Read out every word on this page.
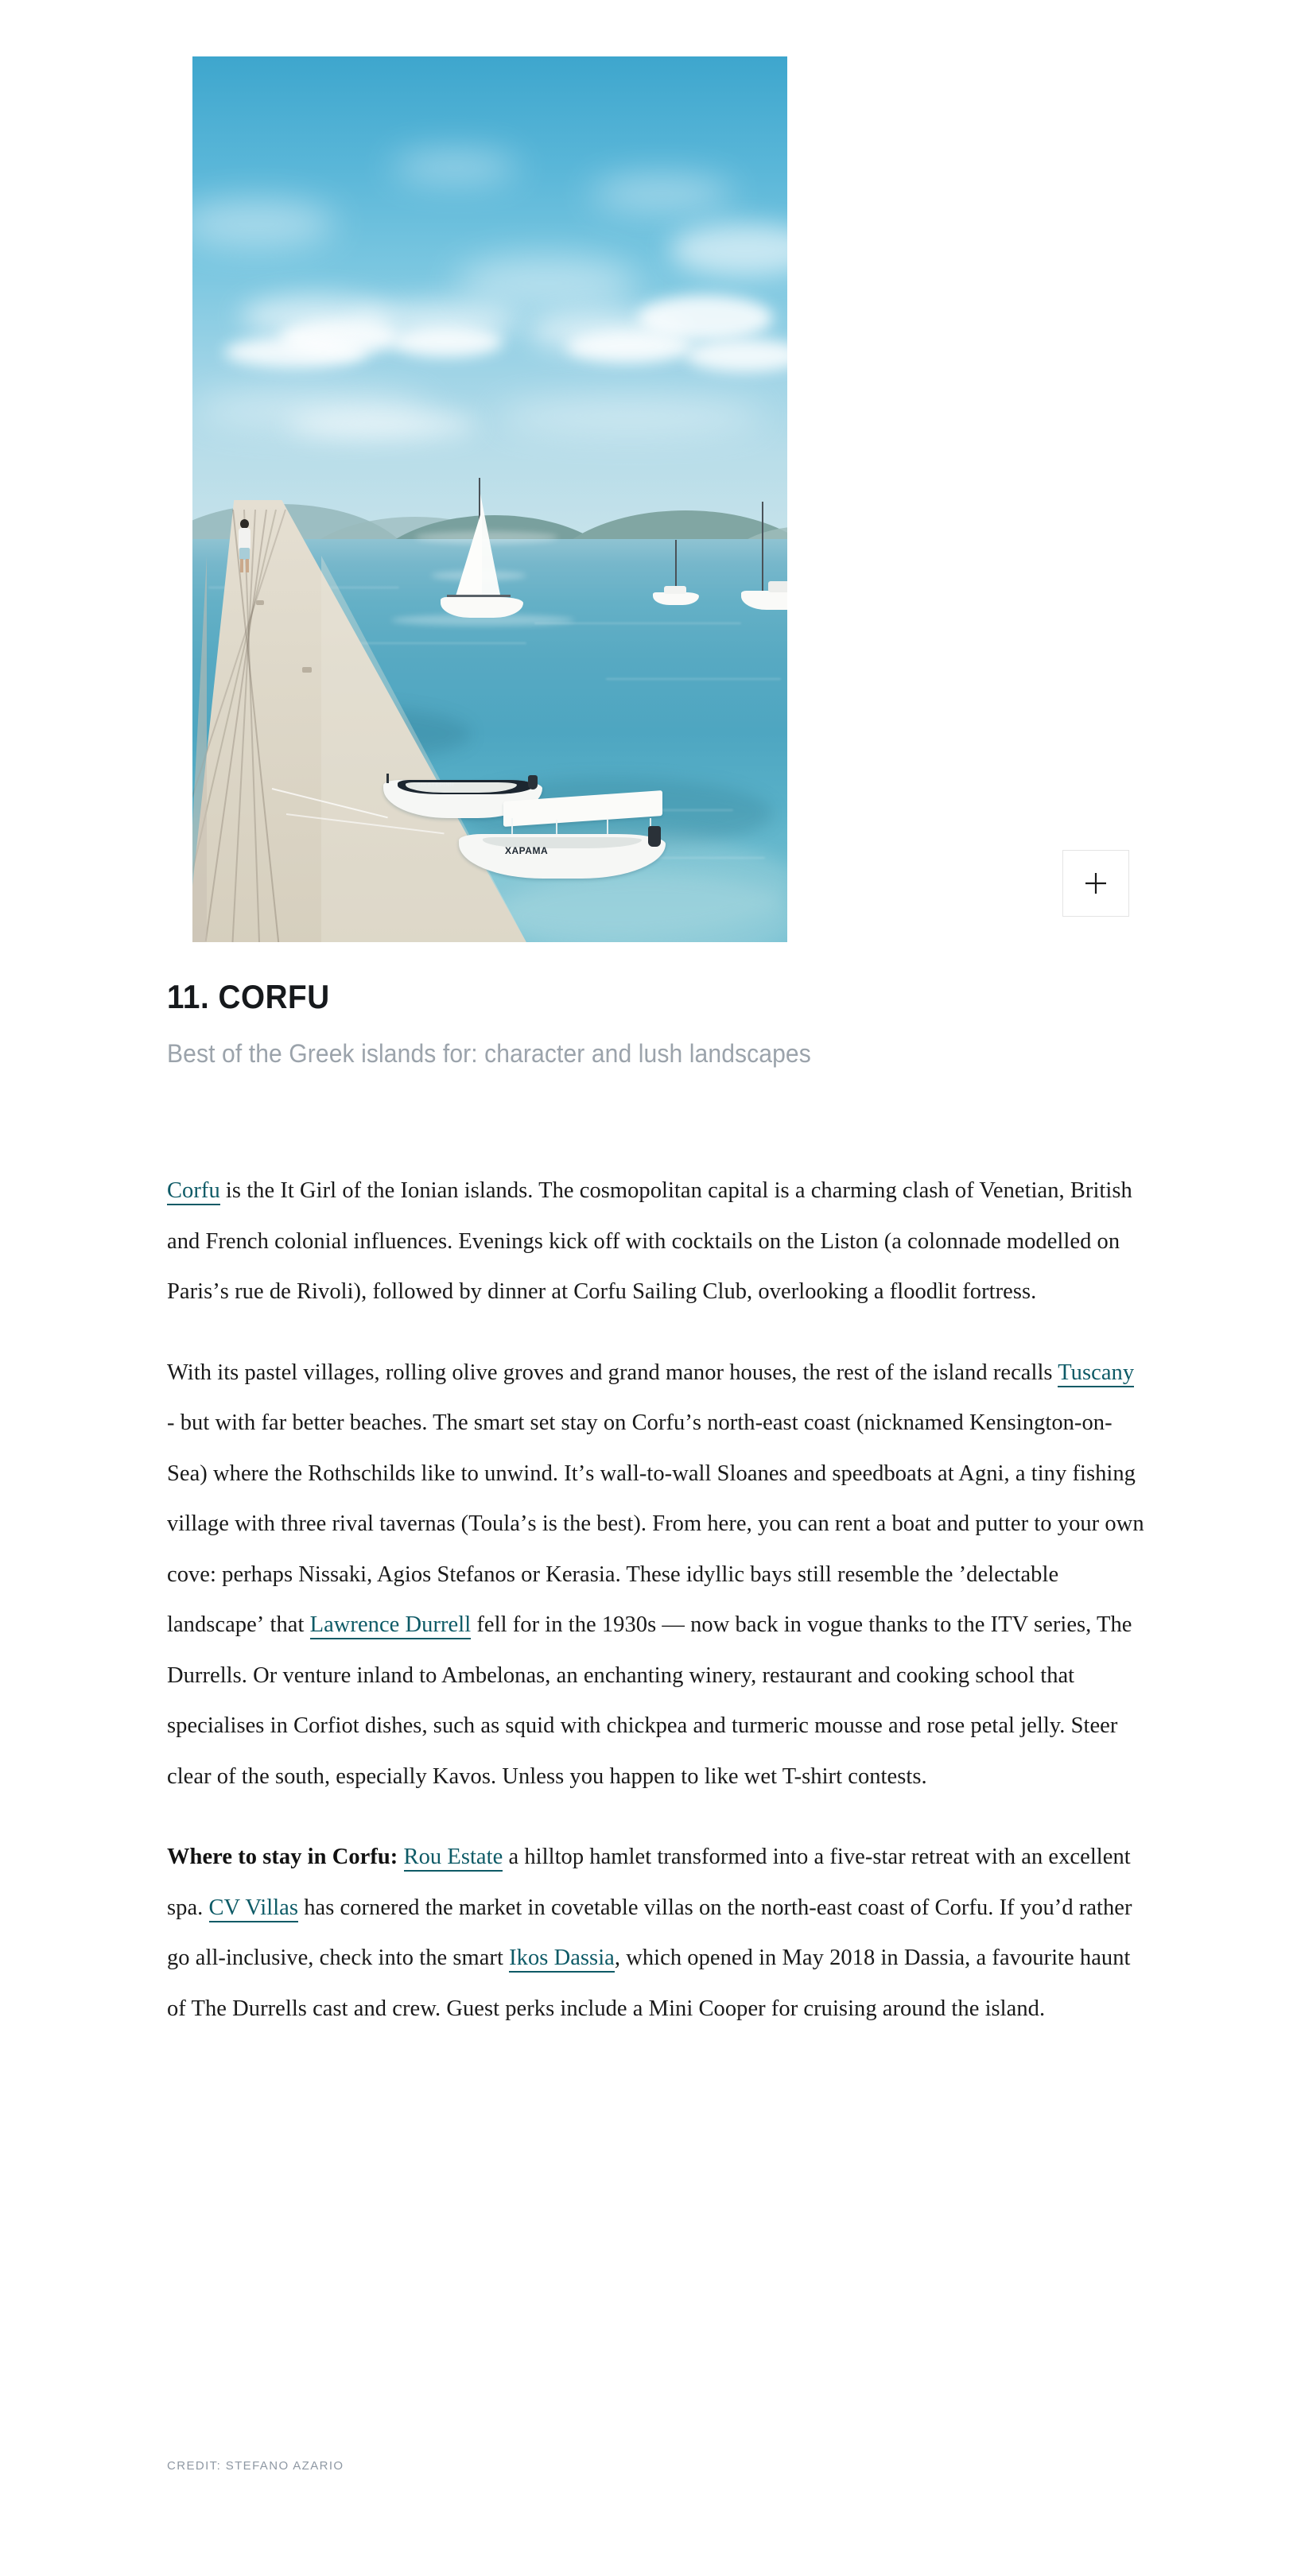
ΑΙΚΑΤΕΡΙΝΗ
ΧΑΡΑΜΑ
11. CORFU

Best of the Greek islands for: character and lush landscapes

Corfu is the It Girl of the Ionian islands. The cosmopolitan capital is a charming clash of Venetian, British and French colonial influences. Evenings kick off with cocktails on the Liston (a colonnade modelled on Parisʼs rue de Rivoli), followed by dinner at Corfu Sailing Club, overlooking a floodlit fortress.

With its pastel villages, rolling olive groves and grand manor houses, the rest of the island recalls Tuscany - but with far better beaches. The smart set stay on Corfuʼs north-east coast (nicknamed Kensington-on-Sea) where the Rothschilds like to unwind. Itʼs wall-to-wall Sloanes and speedboats at Agni, a tiny fishing village with three rival tavernas (Toulaʼs is the best). From here, you can rent a boat and putter to your own cove: perhaps Nissaki, Agios Stefanos or Kerasia. These idyllic bays still resemble the ʼdelectable landscapeʼ that Lawrence Durrell fell for in the 1930s — now back in vogue thanks to the ITV series, The Durrells. Or venture inland to Ambelonas, an enchanting winery, restaurant and cooking school that specialises in Corfiot dishes, such as squid with chickpea and turmeric mousse and rose petal jelly. Steer clear of the south, especially Kavos. Unless you happen to like wet T-shirt contests.

Where to stay in Corfu: Rou Estate a hilltop hamlet transformed into a five-star retreat with an excellent spa. CV Villas has cornered the market in covetable villas on the north-east coast of Corfu. If youʼd rather go all-inclusive, check into the smart Ikos Dassia, which opened in May 2018 in Dassia, a favourite haunt of The Durrells cast and crew. Guest perks include a Mini Cooper for cruising around the island.

CREDIT: STEFANO AZARIO
